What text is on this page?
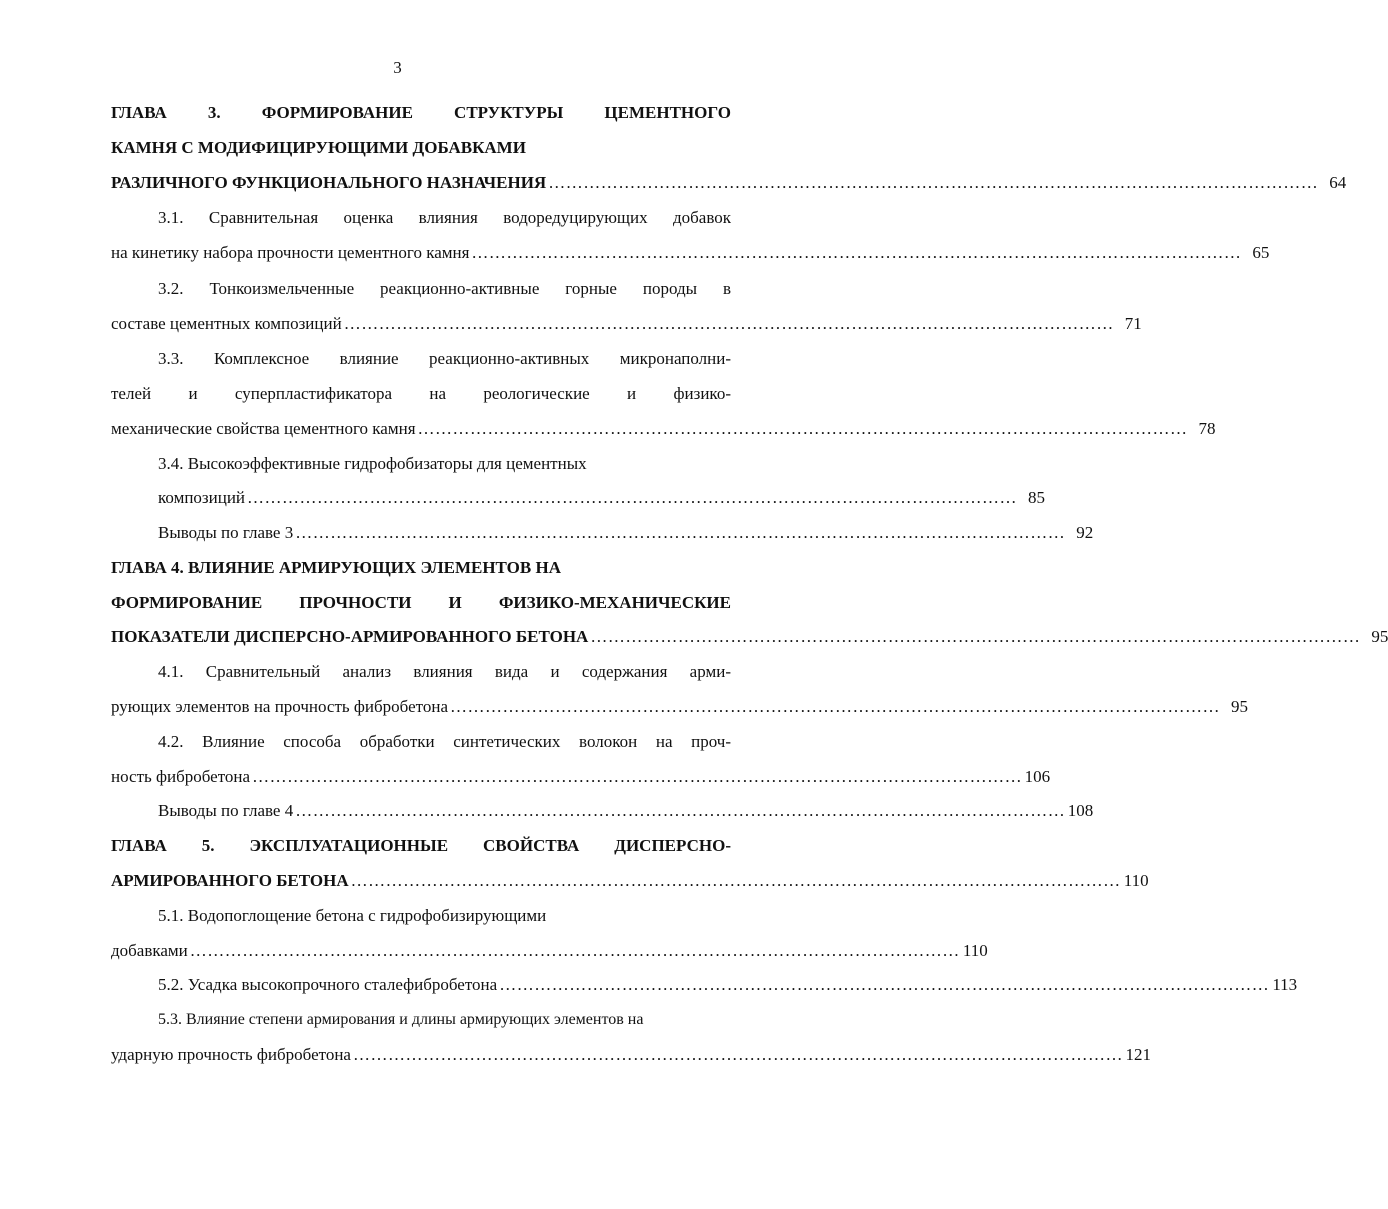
3
ГЛАВА 3. ФОРМИРОВАНИЕ СТРУКТУРЫ ЦЕМЕНТНОГО
КАМНЯ С МОДИФИЦИРУЮЩИМИ ДОБАВКАМИ
РАЗЛИЧНОГО ФУНКЦИОНАЛЬНОГО НАЗНАЧЕНИЯ …………………………………………………………………………………………………………………… 64
3.1. Сравнительная оценка влияния водоредуцирующих добавок
на кинетику набора прочности цементного камня …………………………………………………………………………………………………………………… 65
3.2. Тонкоизмельченные реакционно-активные горные породы в
составе цементных композиций …………………………………………………………………………………………………………………… 71
3.3. Комплексное влияние реакционно-активных микронаполни-
телей и суперпластификатора на реологические и физико-
механические свойства цементного камня …………………………………………………………………………………………………………………… 78
3.4. Высокоэффективные гидрофобизаторы для цементных
композиций …………………………………………………………………………………………………………………… 85
Выводы по главе 3 …………………………………………………………………………………………………………………… 92
ГЛАВА 4. ВЛИЯНИЕ АРМИРУЮЩИХ ЭЛЕМЕНТОВ НА
ФОРМИРОВАНИЕ ПРОЧНОСТИ И ФИЗИКО-МЕХАНИЧЕСКИЕ
ПОКАЗАТЕЛИ ДИСПЕРСНО-АРМИРОВАННОГО БЕТОНА …………………………………………………………………………………………………………………… 95
4.1. Сравнительный анализ влияния вида и содержания арми-
рующих элементов на прочность фибробетона …………………………………………………………………………………………………………………… 95
4.2. Влияние способа обработки синтетических волокон на проч-
ность фибробетона …………………………………………………………………………………………………………………… 106
Выводы по главе 4 …………………………………………………………………………………………………………………… 108
ГЛАВА 5. ЭКСПЛУАТАЦИОННЫЕ СВОЙСТВА ДИСПЕРСНО-
АРМИРОВАННОГО БЕТОНА …………………………………………………………………………………………………………………… 110
5.1. Водопоглощение бетона с гидрофобизирующими
добавками …………………………………………………………………………………………………………………… 110
5.2. Усадка высокопрочного сталефибробетона …………………………………………………………………………………………………………………… 113
5.3. Влияние степени армирования и длины армирующих элементов на
ударную прочность фибробетона …………………………………………………………………………………………………………………… 121
